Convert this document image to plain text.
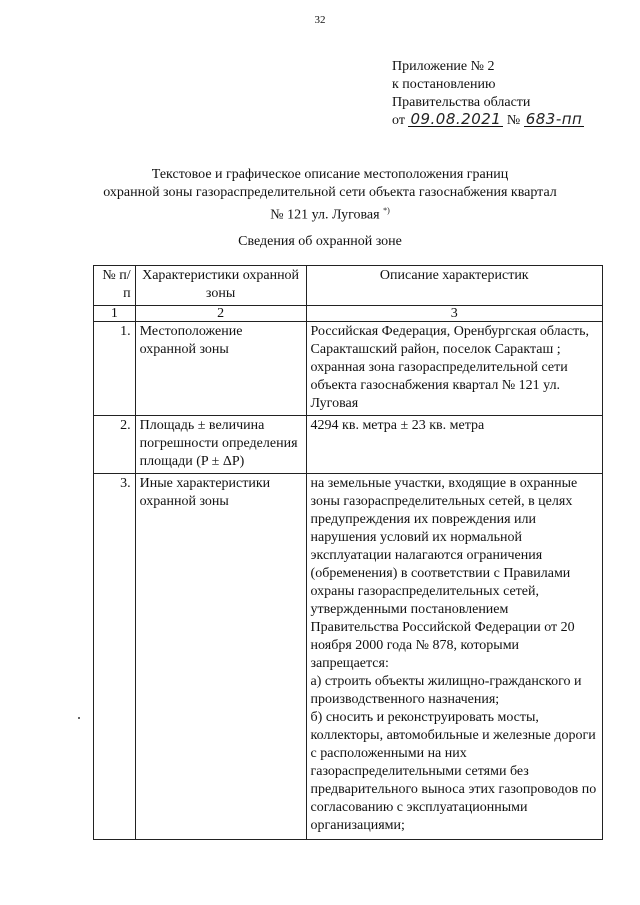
32
Приложение № 2
к постановлению
Правительства области
от 09.08.2021 № 683-пп
Текстовое и графическое описание местоположения границ
охранной зоны газораспределительной сети объекта газоснабжения квартал
№ 121 ул. Луговая *)
Сведения об охранной зоне
№ п/п	Характеристики охранной зоны	Описание характеристик
1	2	3
1.	Местоположение охранной зоны	Российская Федерация, Оренбургская область, Саракташский район, поселок Саракташ ; охранная зона газораспределительной сети объекта газоснабжения квартал № 121 ул. Луговая
2.	Площадь ± величина погрешности определения площади (P ± ΔP)	4294 кв. метра ± 23 кв. метра
3.	Иные характеристики охранной зоны	на земельные участки, входящие в охранные зоны газораспределительных сетей, в целях предупреждения их повреждения или нарушения условий их нормальной эксплуатации налагаются ограничения (обременения) в соответствии с Правилами охраны газораспределительных сетей, утвержденными постановлением Правительства Российской Федерации от 20 ноября 2000 года № 878, которыми запрещается:
а) строить объекты жилищно-гражданского и производственного назначения;
б) сносить и реконструировать мосты, коллекторы, автомобильные и железные дороги с расположенными на них газораспределительными сетями без предварительного выноса этих газопроводов по согласованию с эксплуатационными организациями;
